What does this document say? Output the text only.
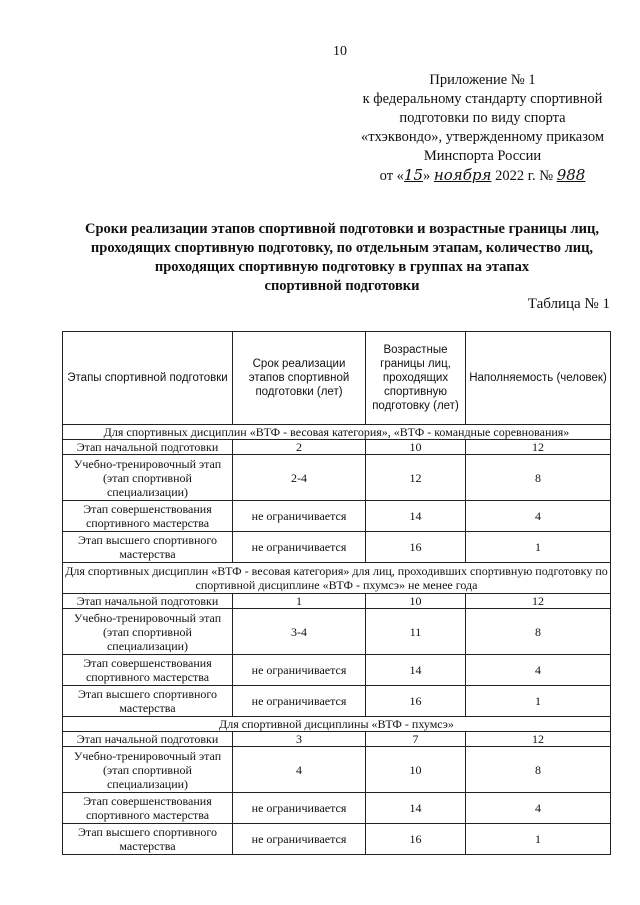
10
Приложение № 1
к федеральному стандарту спортивной
подготовки по виду спорта
«тхэквондо», утвержденному приказом
Минспорта России
от «15» ноября 2022 г. № 988
Сроки реализации этапов спортивной подготовки и возрастные границы лиц,
проходящих спортивную подготовку, по отдельным этапам, количество лиц,
проходящих спортивную подготовку в группах на этапах
спортивной подготовки
Таблица № 1
Этапы спортивной подготовки	Срок реализации этапов спортивной подготовки (лет)	Возрастные границы лиц, проходящих спортивную подготовку (лет)	Наполняемость (человек)
Для спортивных дисциплин «ВТФ - весовая категория», «ВТФ - командные соревнования»			
Этап начальной подготовки	2	10	12
Учебно-тренировочный этап (этап спортивной специализации)	2-4	12	8
Этап совершенствования спортивного мастерства	не ограничивается	14	4
Этап высшего спортивного мастерства	не ограничивается	16	1
Для спортивных дисциплин «ВТФ - весовая категория» для лиц, проходивших спортивную подготовку по спортивной дисциплине «ВТФ - пхумсэ» не менее года			
Этап начальной подготовки	1	10	12
Учебно-тренировочный этап (этап спортивной специализации)	3-4	11	8
Этап совершенствования спортивного мастерства	не ограничивается	14	4
Этап высшего спортивного мастерства	не ограничивается	16	1
Для спортивной дисциплины «ВТФ - пхумсэ»			
Этап начальной подготовки	3	7	12
Учебно-тренировочный этап (этап спортивной специализации)	4	10	8
Этап совершенствования спортивного мастерства	не ограничивается	14	4
Этап высшего спортивного мастерства	не ограничивается	16	1
